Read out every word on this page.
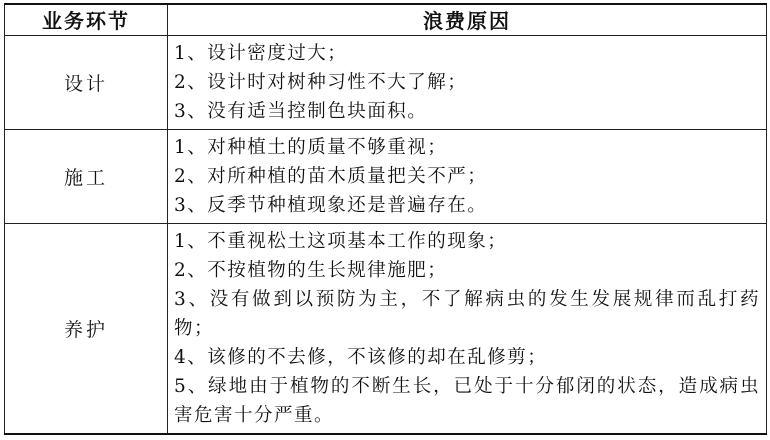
业务环节	浪费原因
设计	1、设计密度过大；
2、设计时对树种习性不大了解；
3、没有适当控制色块面积。

施工	1、对种植土的质量不够重视；
2、对所种植的苗木质量把关不严；
3、反季节种植现象还是普遍存在。

养护	1、不重视松土这项基本工作的现象；
2、不按植物的生长规律施肥；
3、没有做到以预防为主，不了解病虫的发生发展规律而乱打药物；
4、该修的不去修，不该修的却在乱修剪；
5、绿地由于植物的不断生长，已处于十分郁闭的状态，造成病虫害危害十分严重。
